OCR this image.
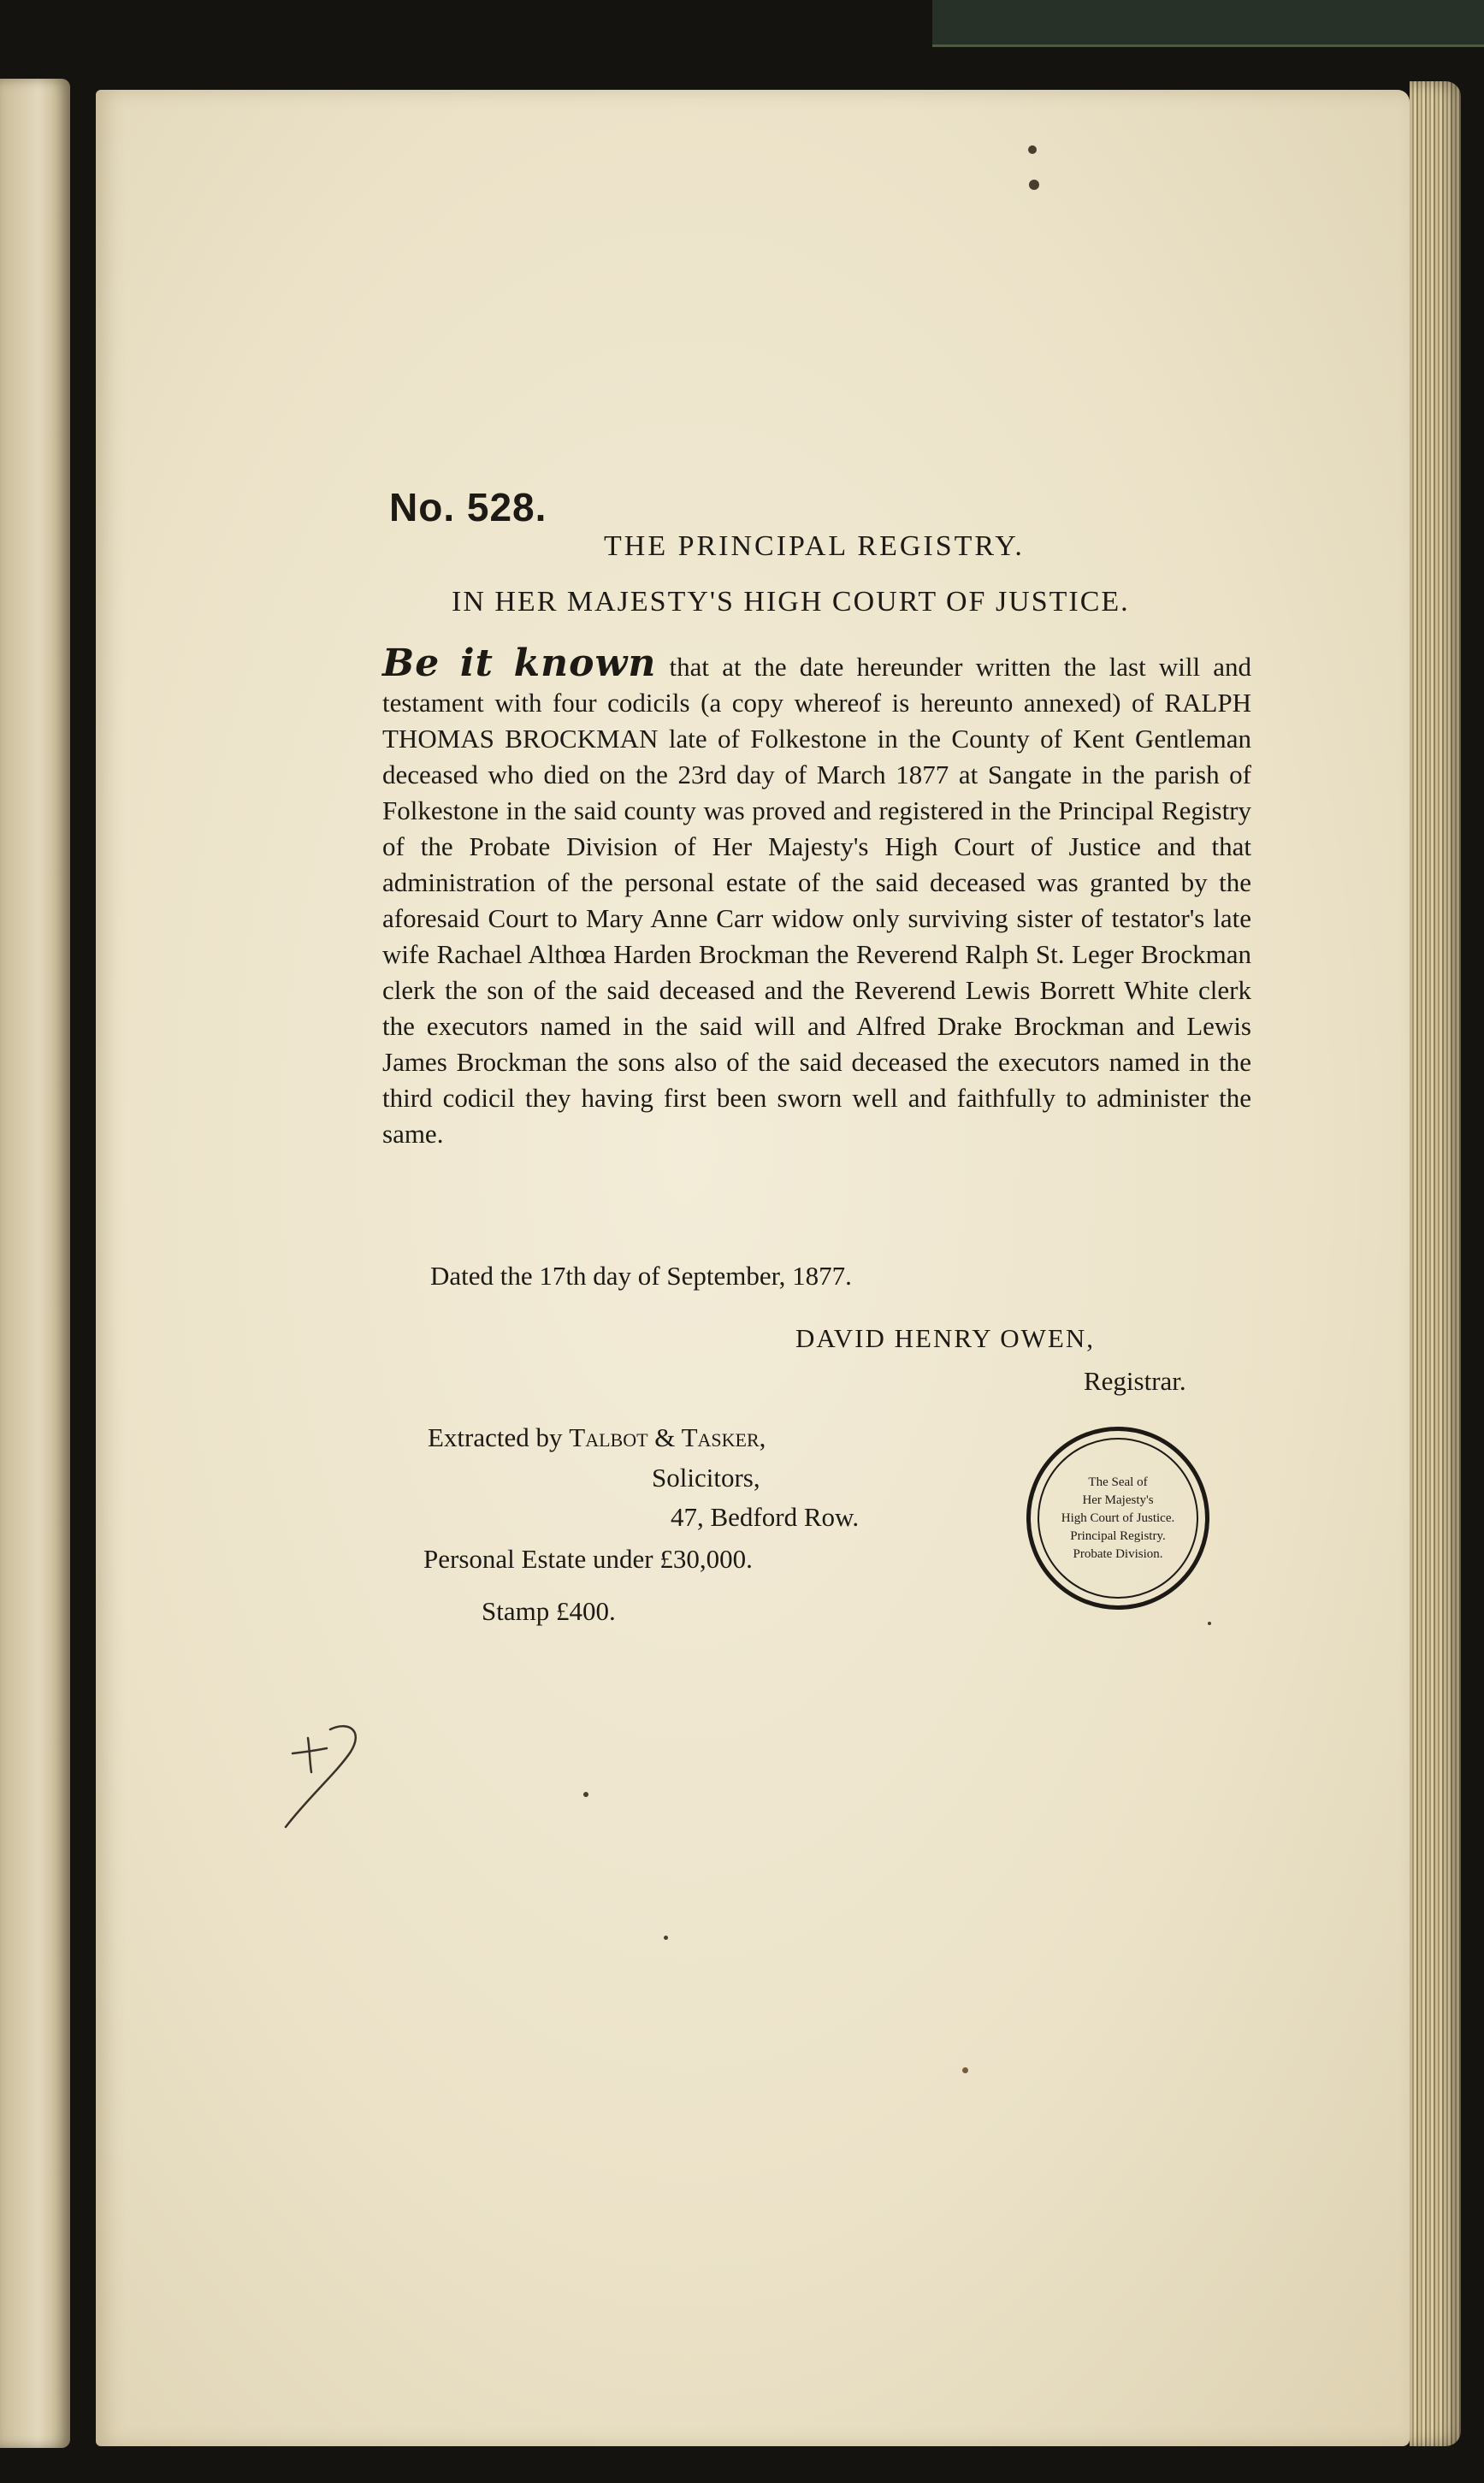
No. 528.
THE PRINCIPAL REGISTRY.
IN HER MAJESTY'S HIGH COURT OF JUSTICE.
Be it known that at the date hereunder written the last will and testament with four codicils (a copy whereof is hereunto annexed) of RALPH THOMAS BROCKMAN late of Folkestone in the County of Kent Gentleman deceased who died on the 23rd day of March 1877 at Sangate in the parish of Folkestone in the said county was proved and registered in the Principal Registry of the Probate Division of Her Majesty's High Court of Justice and that administration of the personal estate of the said deceased was granted by the aforesaid Court to Mary Anne Carr widow only surviving sister of testator's late wife Rachael Althœa Harden Brockman the Reverend Ralph St. Leger Brockman clerk the son of the said deceased and the Reverend Lewis Borrett White clerk the executors named in the said will and Alfred Drake Brockman and Lewis James Brockman the sons also of the said deceased the executors named in the third codicil they having first been sworn well and faithfully to administer the same.
Dated the 17th day of September, 1877.
DAVID HENRY OWEN,
Registrar.
Extracted by Talbot & Tasker,
Solicitors,
47, Bedford Row.
Personal Estate under £30,000.
Stamp £400.
The Seal of
Her Majesty's
High Court of Justice.
Principal Registry.
Probate Division.
